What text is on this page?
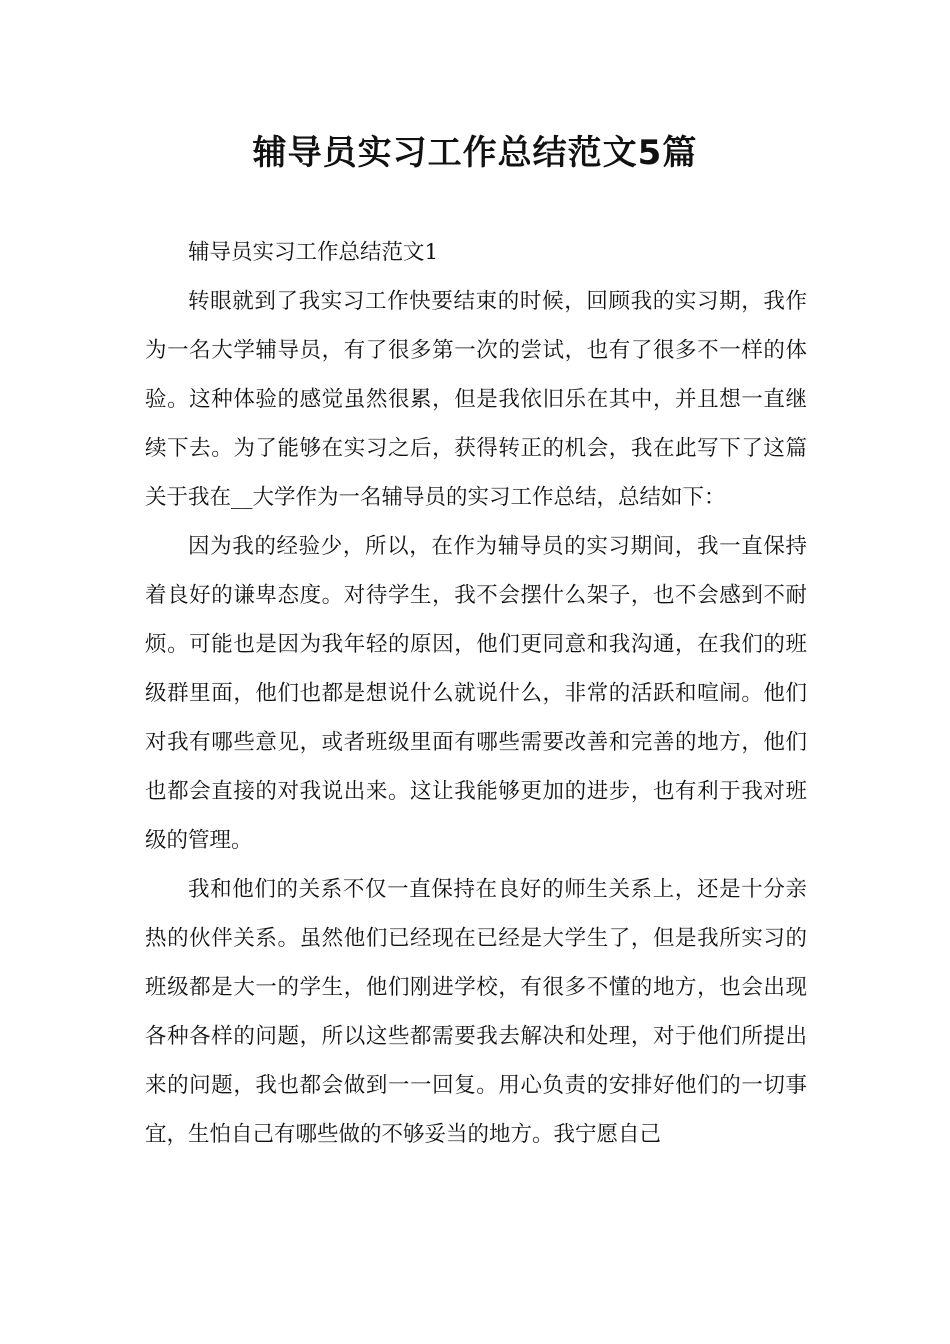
辅导员实习工作总结范文5篇

辅导员实习工作总结范文1

转眼就到了我实习工作快要结束的时候，回顾我的实习期，我作为一名大学辅导员，有了很多第一次的尝试，也有了很多不一样的体验。这种体验的感觉虽然很累，但是我依旧乐在其中，并且想一直继续下去。为了能够在实习之后，获得转正的机会，我在此写下了这篇关于我在__大学作为一名辅导员的实习工作总结，总结如下：

因为我的经验少，所以，在作为辅导员的实习期间，我一直保持着良好的谦卑态度。对待学生，我不会摆什么架子，也不会感到不耐烦。可能也是因为我年轻的原因，他们更同意和我沟通，在我们的班级群里面，他们也都是想说什么就说什么，非常的活跃和喧闹。他们对我有哪些意见，或者班级里面有哪些需要改善和完善的地方，他们也都会直接的对我说出来。这让我能够更加的进步，也有利于我对班级的管理。

我和他们的关系不仅一直保持在良好的师生关系上，还是十分亲热的伙伴关系。虽然他们已经现在已经是大学生了，但是我所实习的班级都是大一的学生，他们刚进学校，有很多不懂的地方，也会出现各种各样的问题，所以这些都需要我去解决和处理，对于他们所提出来的问题，我也都会做到一一回复。用心负责的安排好他们的一切事宜，生怕自己有哪些做的不够妥当的地方。我宁愿自己
